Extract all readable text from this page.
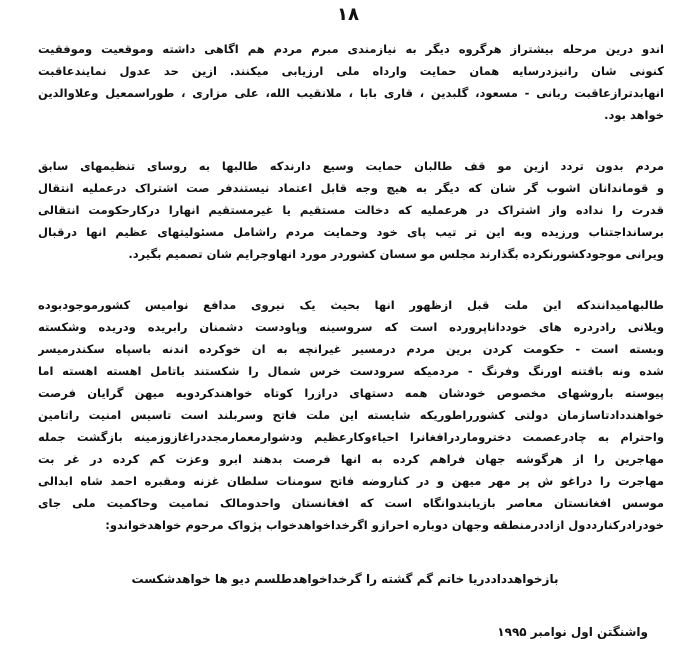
۱۸
اندو درین مرحله بیشتراز هرگروه دیگر به نیازمندی مبرم مردم هم اگاهی داشته وموقعیت وموفقیت
کنونی شان رانیزدرسایه همان حمایت وارداه ملی ارزیابی میکنند. ازین حد عدول نمایندعاقبت
انهابدترازعاقبت ربانی - مسعود، گلبدین ، قاری بابا ، ملانقیب الله، علی مزاری ، طوراسمعیل وعلاوالدین
خواهد بود.
مردم بدون تردد ازین مو قف طالبان حمایت وسیع دارندکه طالبها به روسای تنظیمهای سابق
و قوماندانان اشوب گر شان که دیگر به هیچ وجه قابل اعتماد نیستندفر صت اشتراک درعملیه انتقال
قدرت را نداده واز اشتراک در هرعملیه که دخالت مستقیم یا غیرمستقیم انهارا درکارحکومت انتقالی
برسانداجتناب ورزیده وبه این تر تیب پای خود وحمایت مردم راشامل مسئولیتهای عظیم انها درقبال
ویرانی موجودکشورنکرده بگذارند مجلس مو سسان کشوردر مورد انهاوجرایم شان تصمیم بگیرد.
طالبهامیدانندکه این ملت قبل ازظهور انها بحیث یک نیروی مدافع نوامیس کشورموجودبوده
ویلانی رادردره های خودداناپرورده است که سروسینه وپاودست دشمنان رابریده ودریده وشکسته
وبسته است - حکومت کردن برین مردم درمسیر غیرانچه به ان خوکرده اندنه باسپاه سکندرمیسر
شده ونه باقتنه اورنگ وفرنگ - مردمیکه سرودست خرس شمال را شکستند باتامل اهسته اهسته اما
پیوسته باروشهای مخصوص خودشان همه دستهای درازرا کوتاه خواهندکردوبه میهن گرایان فرصت
خواهنددادتاسازمان دولتی کشورراطوریکه شایسته این ملت فاتح وسربلند است تاسیس امنیت راتامین
واحترام به چادرعصمت دختروماردرافغانرا احیاءوکارعظیم ودشوارمعمارمجددراغازوزمینه بازگشت جمله
مهاجرین را از هرگوشه جهان فراهم کرده به انها فرصت بدهند ابرو وعزت کم کرده در غر بت
مهاجرت را دراغو ش پر مهر میهن و در کناروضه فاتح سومنات سلطان غزنه ومقبره احمد شاه ابدالی
موسس افغانستان معاصر بازیابندوانگاه است که افغانستان واحدومالک تمامیت وحاکمیت ملی جای
خودرادرکنارددول ازاددرمنطقه وجهان دوباره احرازو اگرخداخواهدخواب پژواک مرحوم خواهدخواندو:
بازخواهدداددریا خاتم گم گشته را گرخداخواهدطلسم دیو ها خواهدشکست
واشنگتن اول نوامبر ۱۹۹۵
